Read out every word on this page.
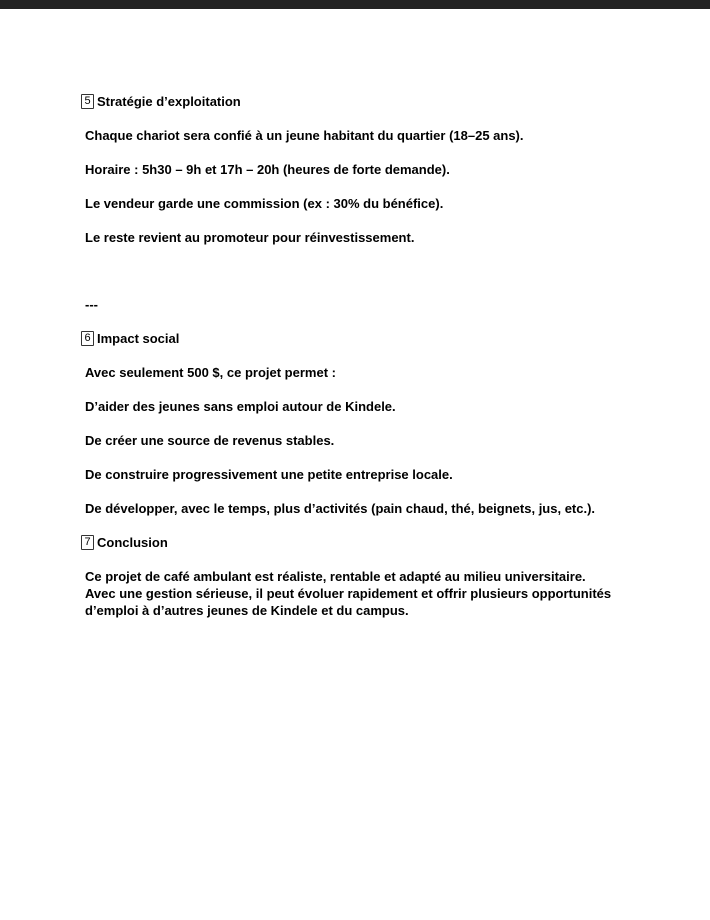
5 Stratégie d’exploitation
Chaque chariot sera confié à un jeune habitant du quartier (18–25 ans).
Horaire : 5h30 – 9h et 17h – 20h (heures de forte demande).
Le vendeur garde une commission (ex : 30% du bénéfice).
Le reste revient au promoteur pour réinvestissement.
---
6 Impact social
Avec seulement 500 $, ce projet permet :
D’aider des jeunes sans emploi autour de Kindele.
De créer une source de revenus stables.
De construire progressivement une petite entreprise locale.
De développer, avec le temps, plus d’activités (pain chaud, thé, beignets, jus, etc.).
7 Conclusion
Ce projet de café ambulant est réaliste, rentable et adapté au milieu universitaire.
Avec une gestion sérieuse, il peut évoluer rapidement et offrir plusieurs opportunités
d’emploi à d’autres jeunes de Kindele et du campus.
